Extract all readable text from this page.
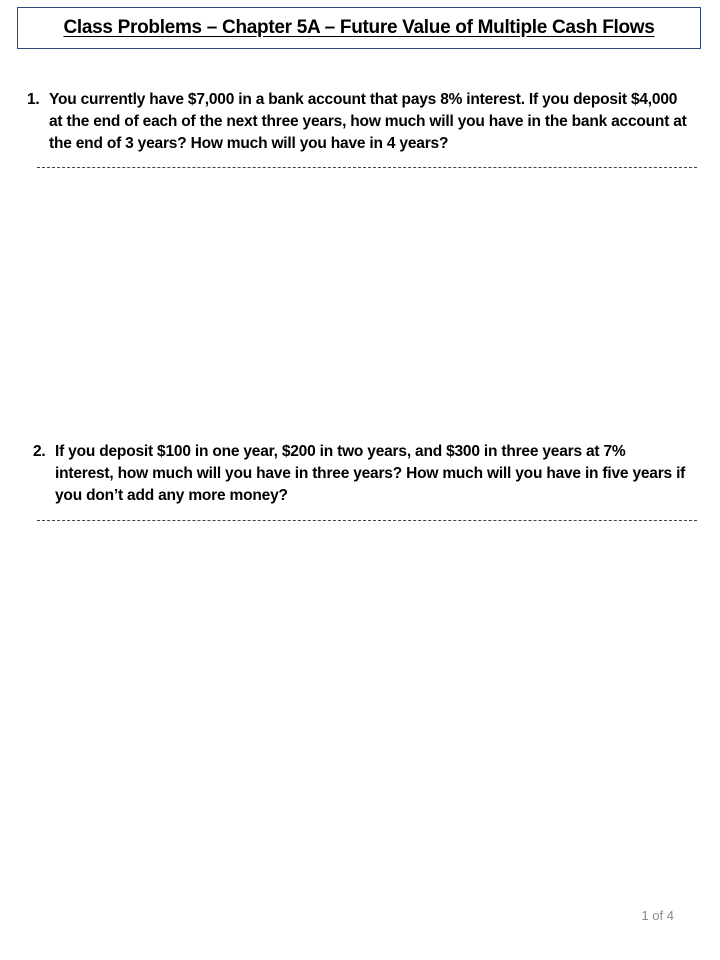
Class Problems – Chapter 5A – Future Value of Multiple Cash Flows
1. You currently have $7,000 in a bank account that pays 8% interest. If you deposit $4,000 at the end of each of the next three years, how much will you have in the bank account at the end of 3 years? How much will you have in 4 years?
2. If you deposit $100 in one year, $200 in two years, and $300 in three years at 7% interest, how much will you have in three years? How much will you have in five years if you don’t add any more money?
1 of 4
